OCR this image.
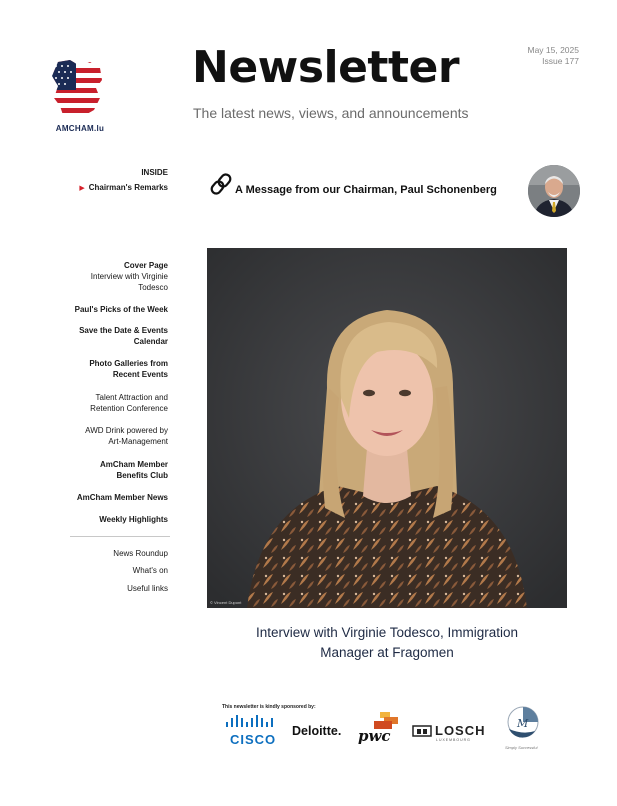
AMCHAM.lu
Newsletter
The latest news, views, and announcements
May 15, 2025
Issue 177
INSIDE
▶ Chairman's Remarks
Cover Page
Interview with Virginie
Todesco
Paul's Picks of the Week
Save the Date & Events
Calendar
Photo Galleries from
Recent Events
Talent Attraction and
Retention Conference
AWD Drink powered by
Art-Management
AmCham Member
Benefits Club
AmCham Member News
Weekly Highlights
News Roundup
What's on
Useful links
A Message from our Chairman, Paul Schonenberg
© Vincent Dupont
Interview with Virginie Todesco, Immigration
Manager at Fragomen
This newsletter is kindly sponsored by:
CISCO
Deloitte. pwc	LOSCH
LUXEMBOURG
M
Simply Successful
